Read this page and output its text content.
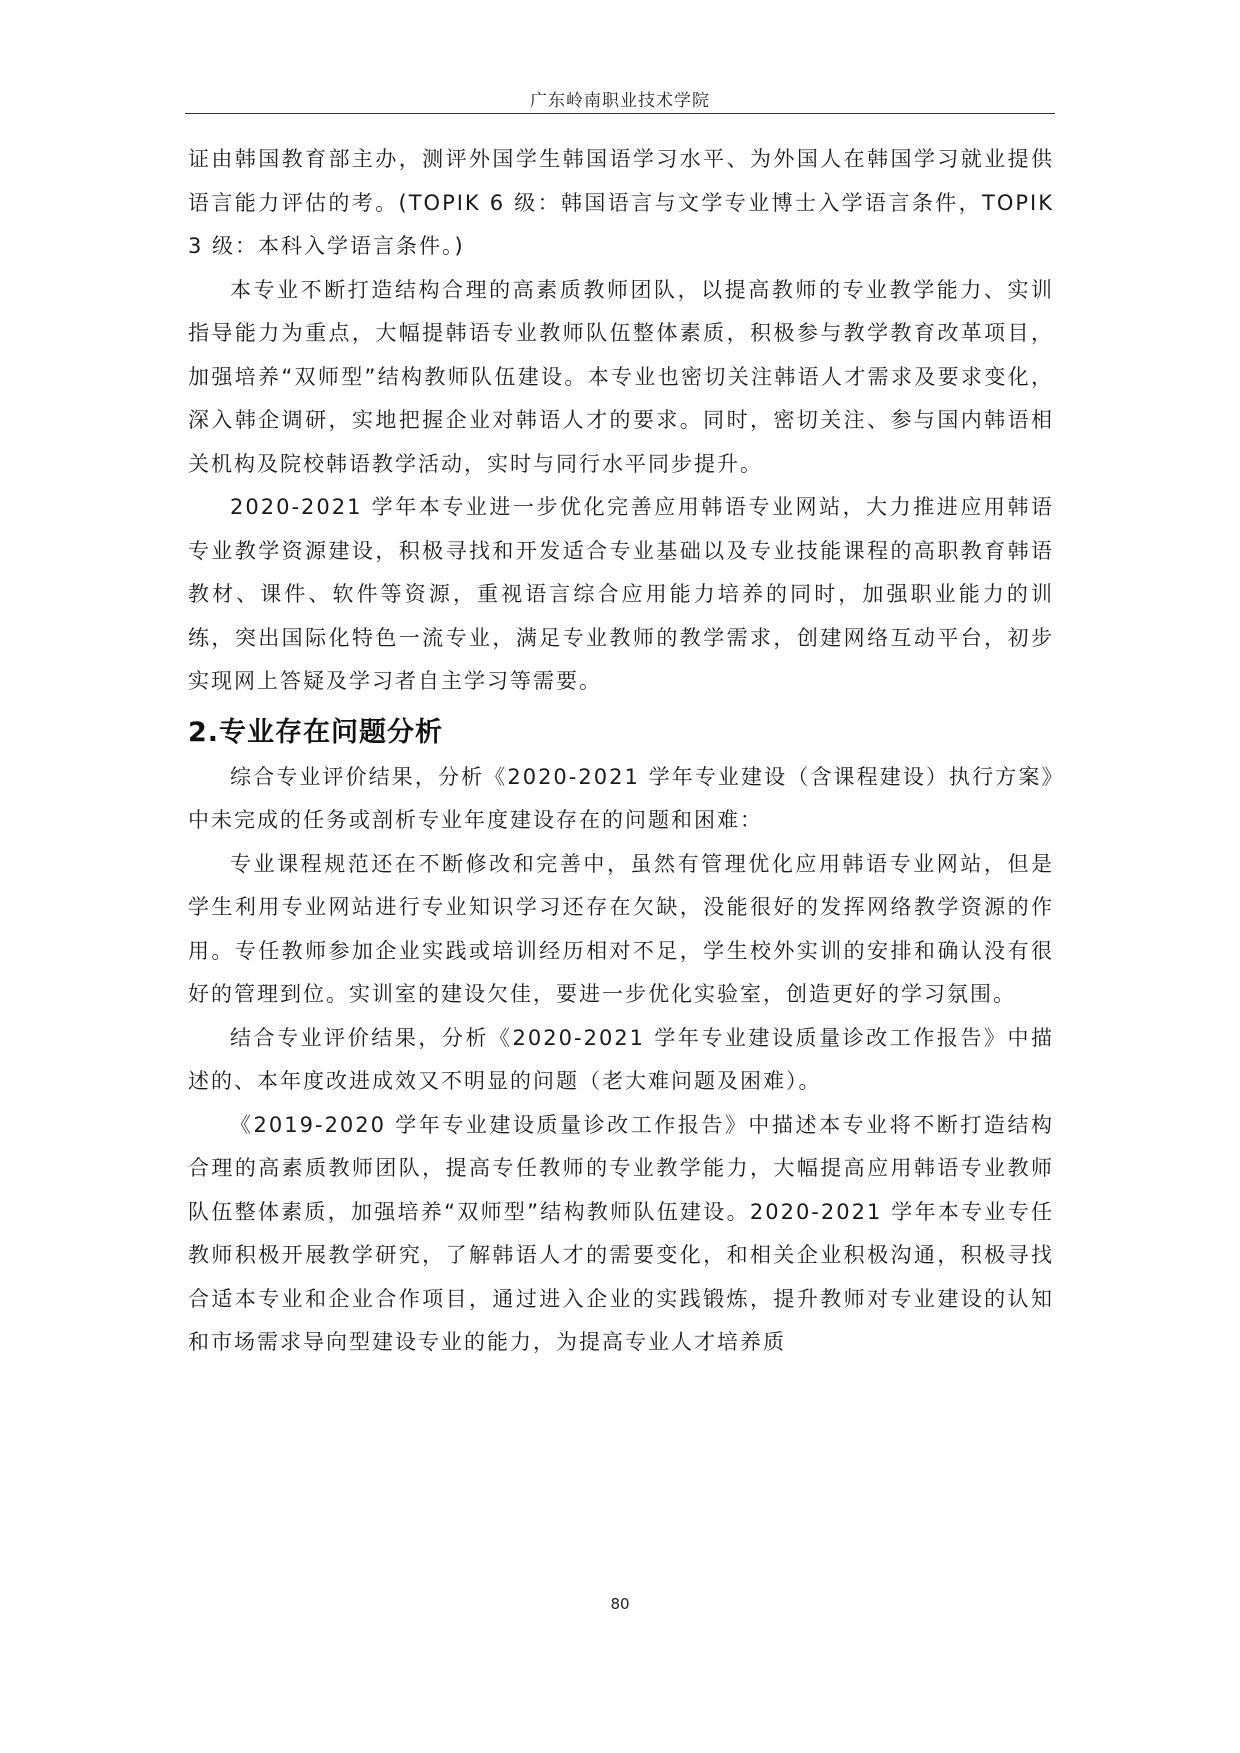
广东岭南职业技术学院

证由韩国教育部主办，测评外国学生韩国语学习水平、为外国人在韩国学习就业提供语言能力评估的考。(TOPIK 6 级：韩国语言与文学专业博士入学语言条件，TOPIK 3 级：本科入学语言条件。)

本专业不断打造结构合理的高素质教师团队，以提高教师的专业教学能力、实训指导能力为重点，大幅提韩语专业教师队伍整体素质，积极参与教学教育改革项目，加强培养“双师型”结构教师队伍建设。本专业也密切关注韩语人才需求及要求变化，深入韩企调研，实地把握企业对韩语人才的要求。同时，密切关注、参与国内韩语相关机构及院校韩语教学活动，实时与同行水平同步提升。

2020-2021 学年本专业进一步优化完善应用韩语专业网站，大力推进应用韩语专业教学资源建设，积极寻找和开发适合专业基础以及专业技能课程的高职教育韩语教材、课件、软件等资源，重视语言综合应用能力培养的同时，加强职业能力的训练，突出国际化特色一流专业，满足专业教师的教学需求，创建网络互动平台，初步实现网上答疑及学习者自主学习等需要。

2.专业存在问题分析

综合专业评价结果，分析《2020-2021 学年专业建设（含课程建设）执行方案》中未完成的任务或剖析专业年度建设存在的问题和困难：

专业课程规范还在不断修改和完善中，虽然有管理优化应用韩语专业网站，但是学生利用专业网站进行专业知识学习还存在欠缺，没能很好的发挥网络教学资源的作用。专任教师参加企业实践或培训经历相对不足，学生校外实训的安排和确认没有很好的管理到位。实训室的建设欠佳，要进一步优化实验室，创造更好的学习氛围。

结合专业评价结果，分析《2020-2021 学年专业建设质量诊改工作报告》中描述的、本年度改进成效又不明显的问题（老大难问题及困难）。

《2019-2020 学年专业建设质量诊改工作报告》中描述本专业将不断打造结构合理的高素质教师团队，提高专任教师的专业教学能力，大幅提高应用韩语专业教师队伍整体素质，加强培养“双师型”结构教师队伍建设。2020-2021 学年本专业专任教师积极开展教学研究，了解韩语人才的需要变化，和相关企业积极沟通，积极寻找合适本专业和企业合作项目，通过进入企业的实践锻炼，提升教师对专业建设的认知和市场需求导向型建设专业的能力，为提高专业人才培养质

80
